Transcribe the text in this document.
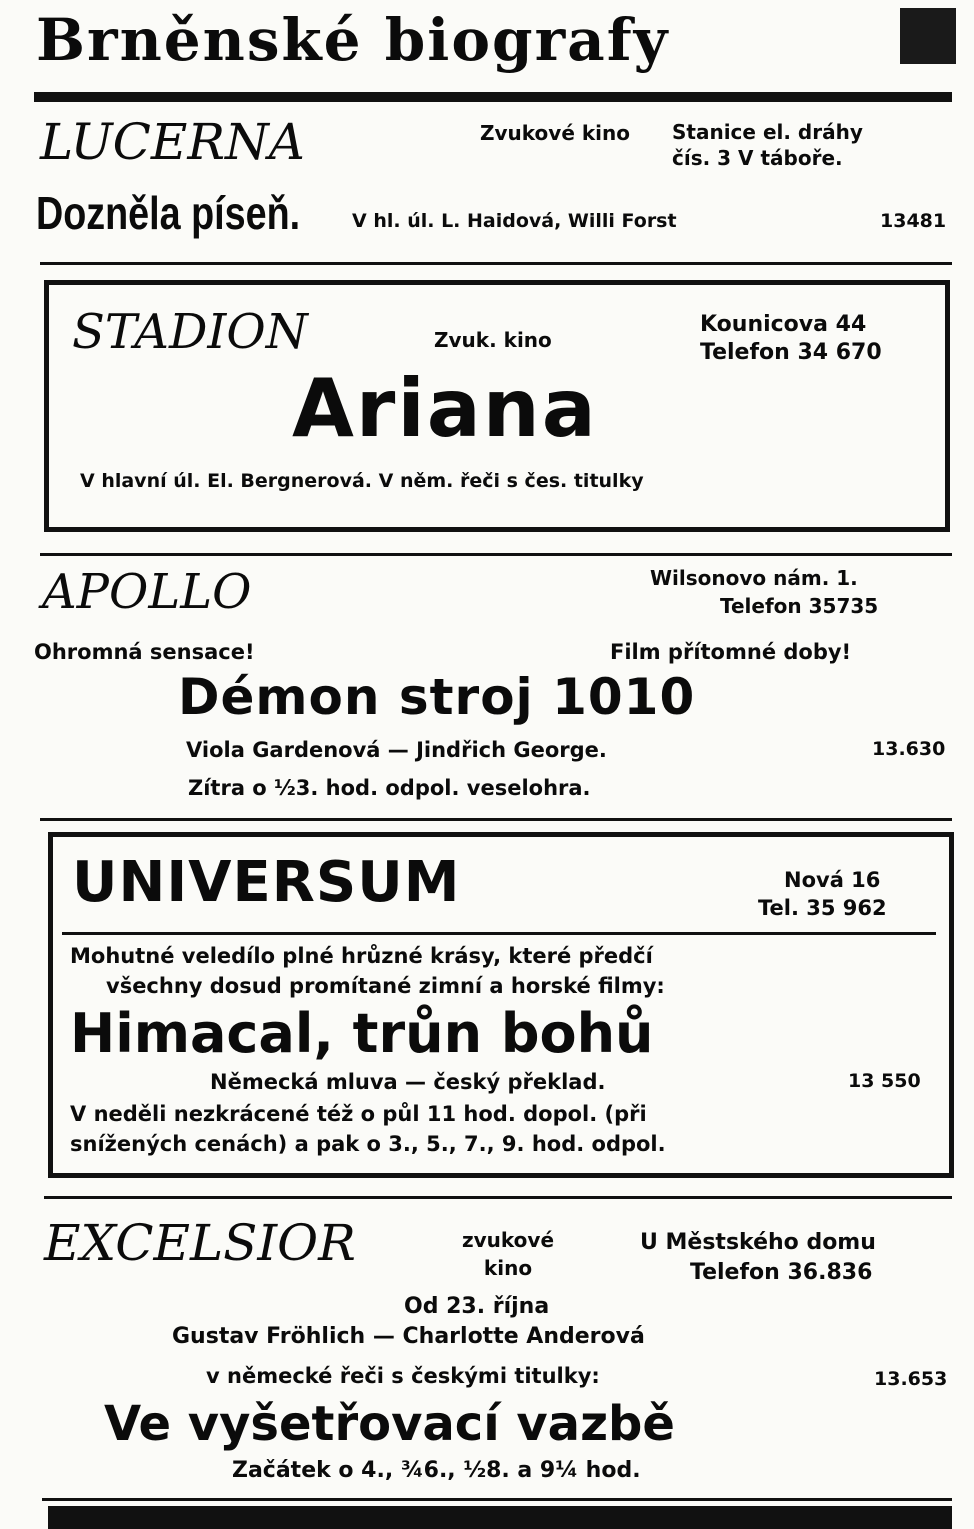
Brněnské biografy
LUCERNA	Zvukové kino	Stanice el. dráhy
čís. 3 V táboře.
Dozněla píseň.	V hl. úl. L. Haidová, Willi Forst	13481
STADION	Zvuk. kino
Kounicova 44
Telefon 34 670
Ariana
V hlavní úl. El. Bergnerová. V něm. řeči s čes. titulky
APOLLO	Wilsonovo nám. 1.
Telefon 35735
Ohromná sensace!	Film přítomné doby!
Démon stroj 1010
Viola Gardenová — Jindřich George.	13.630
Zítra o ½3. hod. odpol. veselohra.
UNIVERSUM	Nová 16
Tel. 35 962
Mohutné veledílo plné hrůzné krásy, které předčí
všechny dosud promítané zimní a horské filmy:
Himacal, trůn bohů
Německá mluva — český překlad.	13 550
V neděli nezkrácené též o půl 11 hod. dopol. (při
snížených cenách) a pak o 3., 5., 7., 9. hod. odpol.
EXCELSIOR	zvukové
kino
U Městského domu
Telefon 36.836
Od 23. října
Gustav Fröhlich — Charlotte Anderová
v německé řeči s českými titulky:	13.653
Ve vyšetřovací vazbě
Začátek o 4., ¾6., ½8. a 9¼ hod.
